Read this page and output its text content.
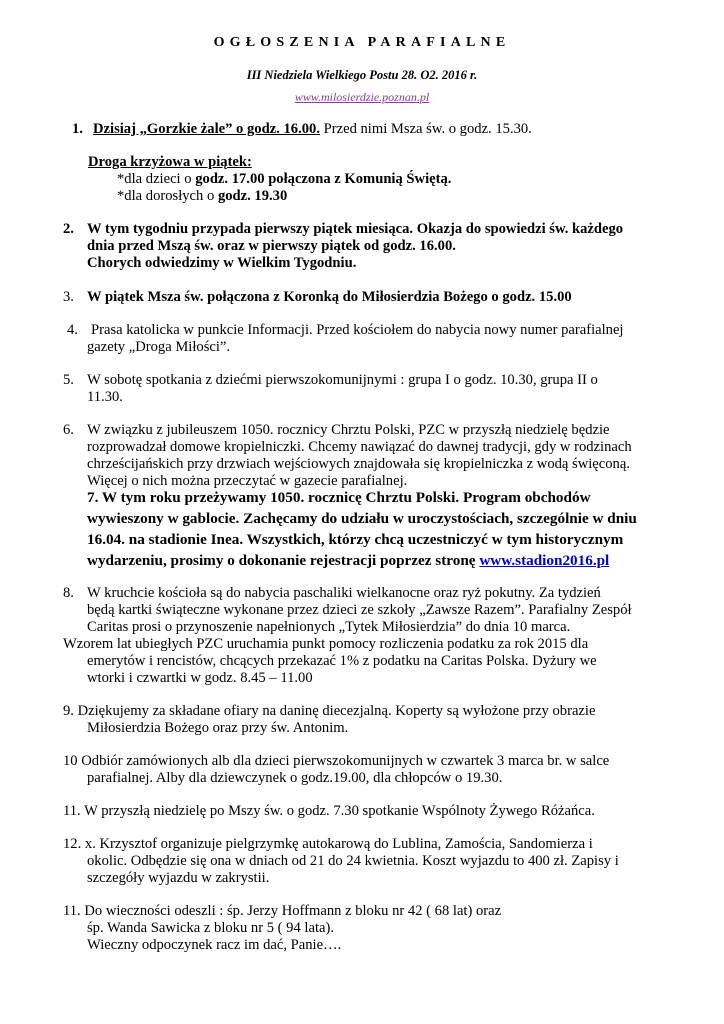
OGŁOSZENIA PARAFIALNE
III Niedziela Wielkiego Postu 28. O2. 2016 r.
www.milosierdzie.poznan.pl
1. Dzisiaj „Gorzkie żale” o godz. 16.00. Przed nimi Msza św. o godz. 15.30.
Droga krzyżowa w piątek:
*dla dzieci o godz. 17.00 połączona z Komunią Świętą.
*dla dorosłych o godz. 19.30
2. W tym tygodniu przypada pierwszy piątek miesiąca. Okazja do spowiedzi św. każdego
dnia przed Mszą św. oraz w pierwszy piątek od godz. 16.00.
Chorych odwiedzimy w Wielkim Tygodniu.
3. W piątek Msza św. połączona z Koronką do Miłosierdzia Bożego o godz. 15.00
4. Prasa katolicka w punkcie Informacji. Przed kościołem do nabycia nowy numer parafialnej
gazety „Droga Miłości”.
5. W sobotę spotkania z dziećmi pierwszokomunijnymi : grupa I o godz. 10.30, grupa II o
11.30.
6. W związku z jubileuszem 1050. rocznicy Chrztu Polski, PZC w przyszłą niedzielę będzie
rozprowadzał domowe kropielniczki. Chcemy nawiązać do dawnej tradycji, gdy w rodzinach
chrześcijańskich przy drzwiach wejściowych znajdowała się kropielniczka z wodą święconą.
Więcej o nich można przeczytać w gazecie parafialnej.
7. W tym roku przeżywamy 1050. rocznicę Chrztu Polski. Program obchodów
wywieszony w gablocie. Zachęcamy do udziału w uroczystościach, szczególnie w dniu
16.04. na stadionie Inea. Wszystkich, którzy chcą uczestniczyć w tym historycznym
wydarzeniu, prosimy o dokonanie rejestracji poprzez stronę www.stadion2016.pl
8. W kruchcie kościoła są do nabycia paschaliki wielkanocne oraz ryż pokutny. Za tydzień
będą kartki świąteczne wykonane przez dzieci ze szkoły „Zawsze Razem”. Parafialny Zespół
Caritas prosi o przynoszenie napełnionych „Tytek Miłosierdzia” do dnia 10 marca.
Wzorem lat ubiegłych PZC uruchamia punkt pomocy rozliczenia podatku za rok 2015 dla
emerytów i rencistów, chcących przekazać 1% z podatku na Caritas Polska. Dyżury we
wtorki i czwartki w godz. 8.45 – 11.00
9. Dziękujemy za składane ofiary na daninę diecezjalną. Koperty są wyłożone przy obrazie
Miłosierdzia Bożego oraz przy św. Antonim.
10 Odbiór zamówionych alb dla dzieci pierwszokomunijnych w czwartek 3 marca br. w salce
parafialnej. Alby dla dziewczynek o godz.19.00, dla chłopców o 19.30.
11. W przyszłą niedzielę po Mszy św. o godz. 7.30 spotkanie Wspólnoty Żywego Różańca.
12. x. Krzysztof organizuje pielgrzymkę autokarową do Lublina, Zamościa, Sandomierza i
okolic. Odbędzie się ona w dniach od 21 do 24 kwietnia. Koszt wyjazdu to 400 zł. Zapisy i
szczegóły wyjazdu w zakrystii.
11. Do wieczności odeszli : śp. Jerzy Hoffmann z bloku nr 42 ( 68 lat) oraz
śp. Wanda Sawicka z bloku nr 5 ( 94 lata).
Wieczny odpoczynek racz im dać, Panie….
